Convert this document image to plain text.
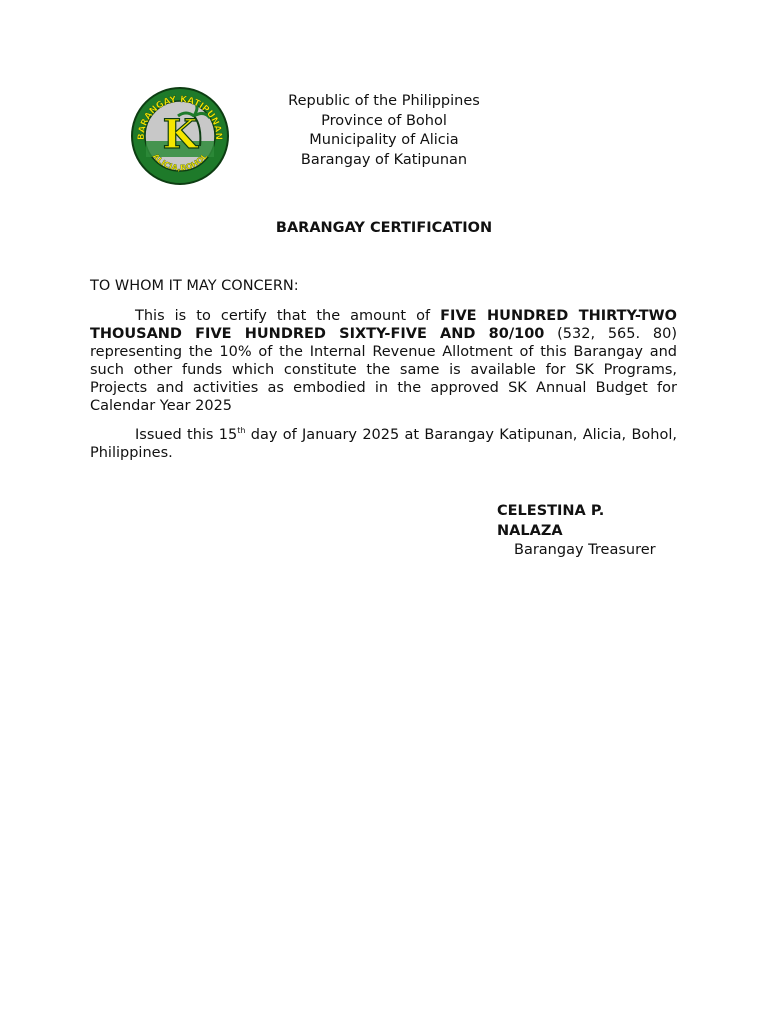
K
BARANGAY KATIPUNAN
ALICIA,BOHOL
Republic of the Philippines
Province of Bohol
Municipality of Alicia
Barangay of Katipunan
BARANGAY CERTIFICATION
TO WHOM IT MAY CONCERN:

This is to certify that the amount of FIVE HUNDRED THIRTY-TWO THOUSAND FIVE HUNDRED SIXTY-FIVE AND 80/100 (532, 565. 80) representing the 10% of the Internal Revenue Allotment of this Barangay and such other funds which constitute the same is available for SK Programs, Projects and activities as embodied in the approved SK Annual Budget for Calendar Year 2025

Issued this 15th day of January 2025 at Barangay Katipunan, Alicia, Bohol, Philippines.

CELESTINA P.
NALAZA
Barangay Treasurer
